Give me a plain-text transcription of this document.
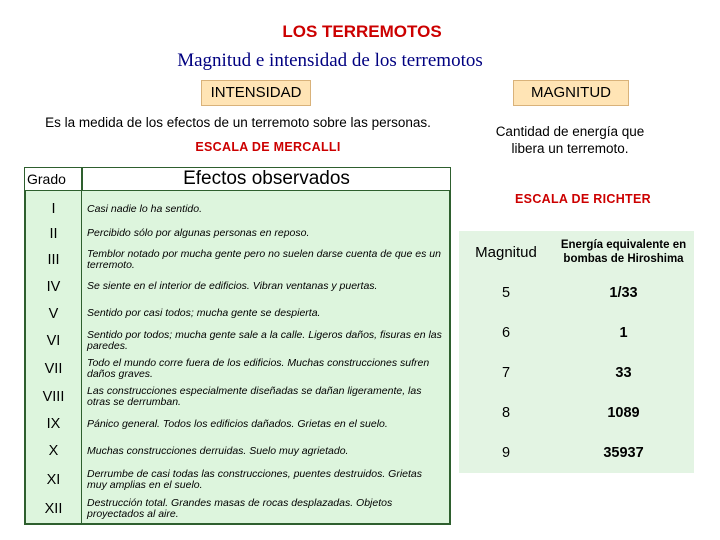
LOS TERREMOTOS
Magnitud e intensidad de los terremotos
INTENSIDAD	MAGNITUD
Es la medida de los efectos de un terremoto sobre las personas.
Cantidad de energía que libera un terremoto.
ESCALA DE MERCALLI
ESCALA DE RICHTER
Grado	Efectos observados
I	Casi nadie lo ha sentido.
II	Percibido sólo por algunas personas en reposo.
III	Temblor notado por mucha gente pero no suelen darse cuenta de que es un terremoto.
IV	Se siente en el interior de edificios. Vibran ventanas y puertas.
V	Sentido por casi todos; mucha gente se despierta.
VI	Sentido por todos; mucha gente sale a la calle. Ligeros daños, fisuras en las paredes.
VII	Todo el mundo corre fuera de los edificios. Muchas construcciones sufren daños graves.
VIII	Las construcciones especialmente diseñadas se dañan ligeramente, las otras se derrumban.
IX	Pánico general. Todos los edificios dañados. Grietas en el suelo.
X	Muchas construcciones derruidas. Suelo muy agrietado.
XI	Derrumbe de casi todas las construcciones, puentes destruidos. Grietas muy amplias en el suelo.
XII	Destrucción total. Grandes masas de rocas desplazadas. Objetos proyectados al aire.
Magnitud	Energía equivalente en bombas de Hiroshima
5	1/33
6	1
7	33
8	1089
9	35937
